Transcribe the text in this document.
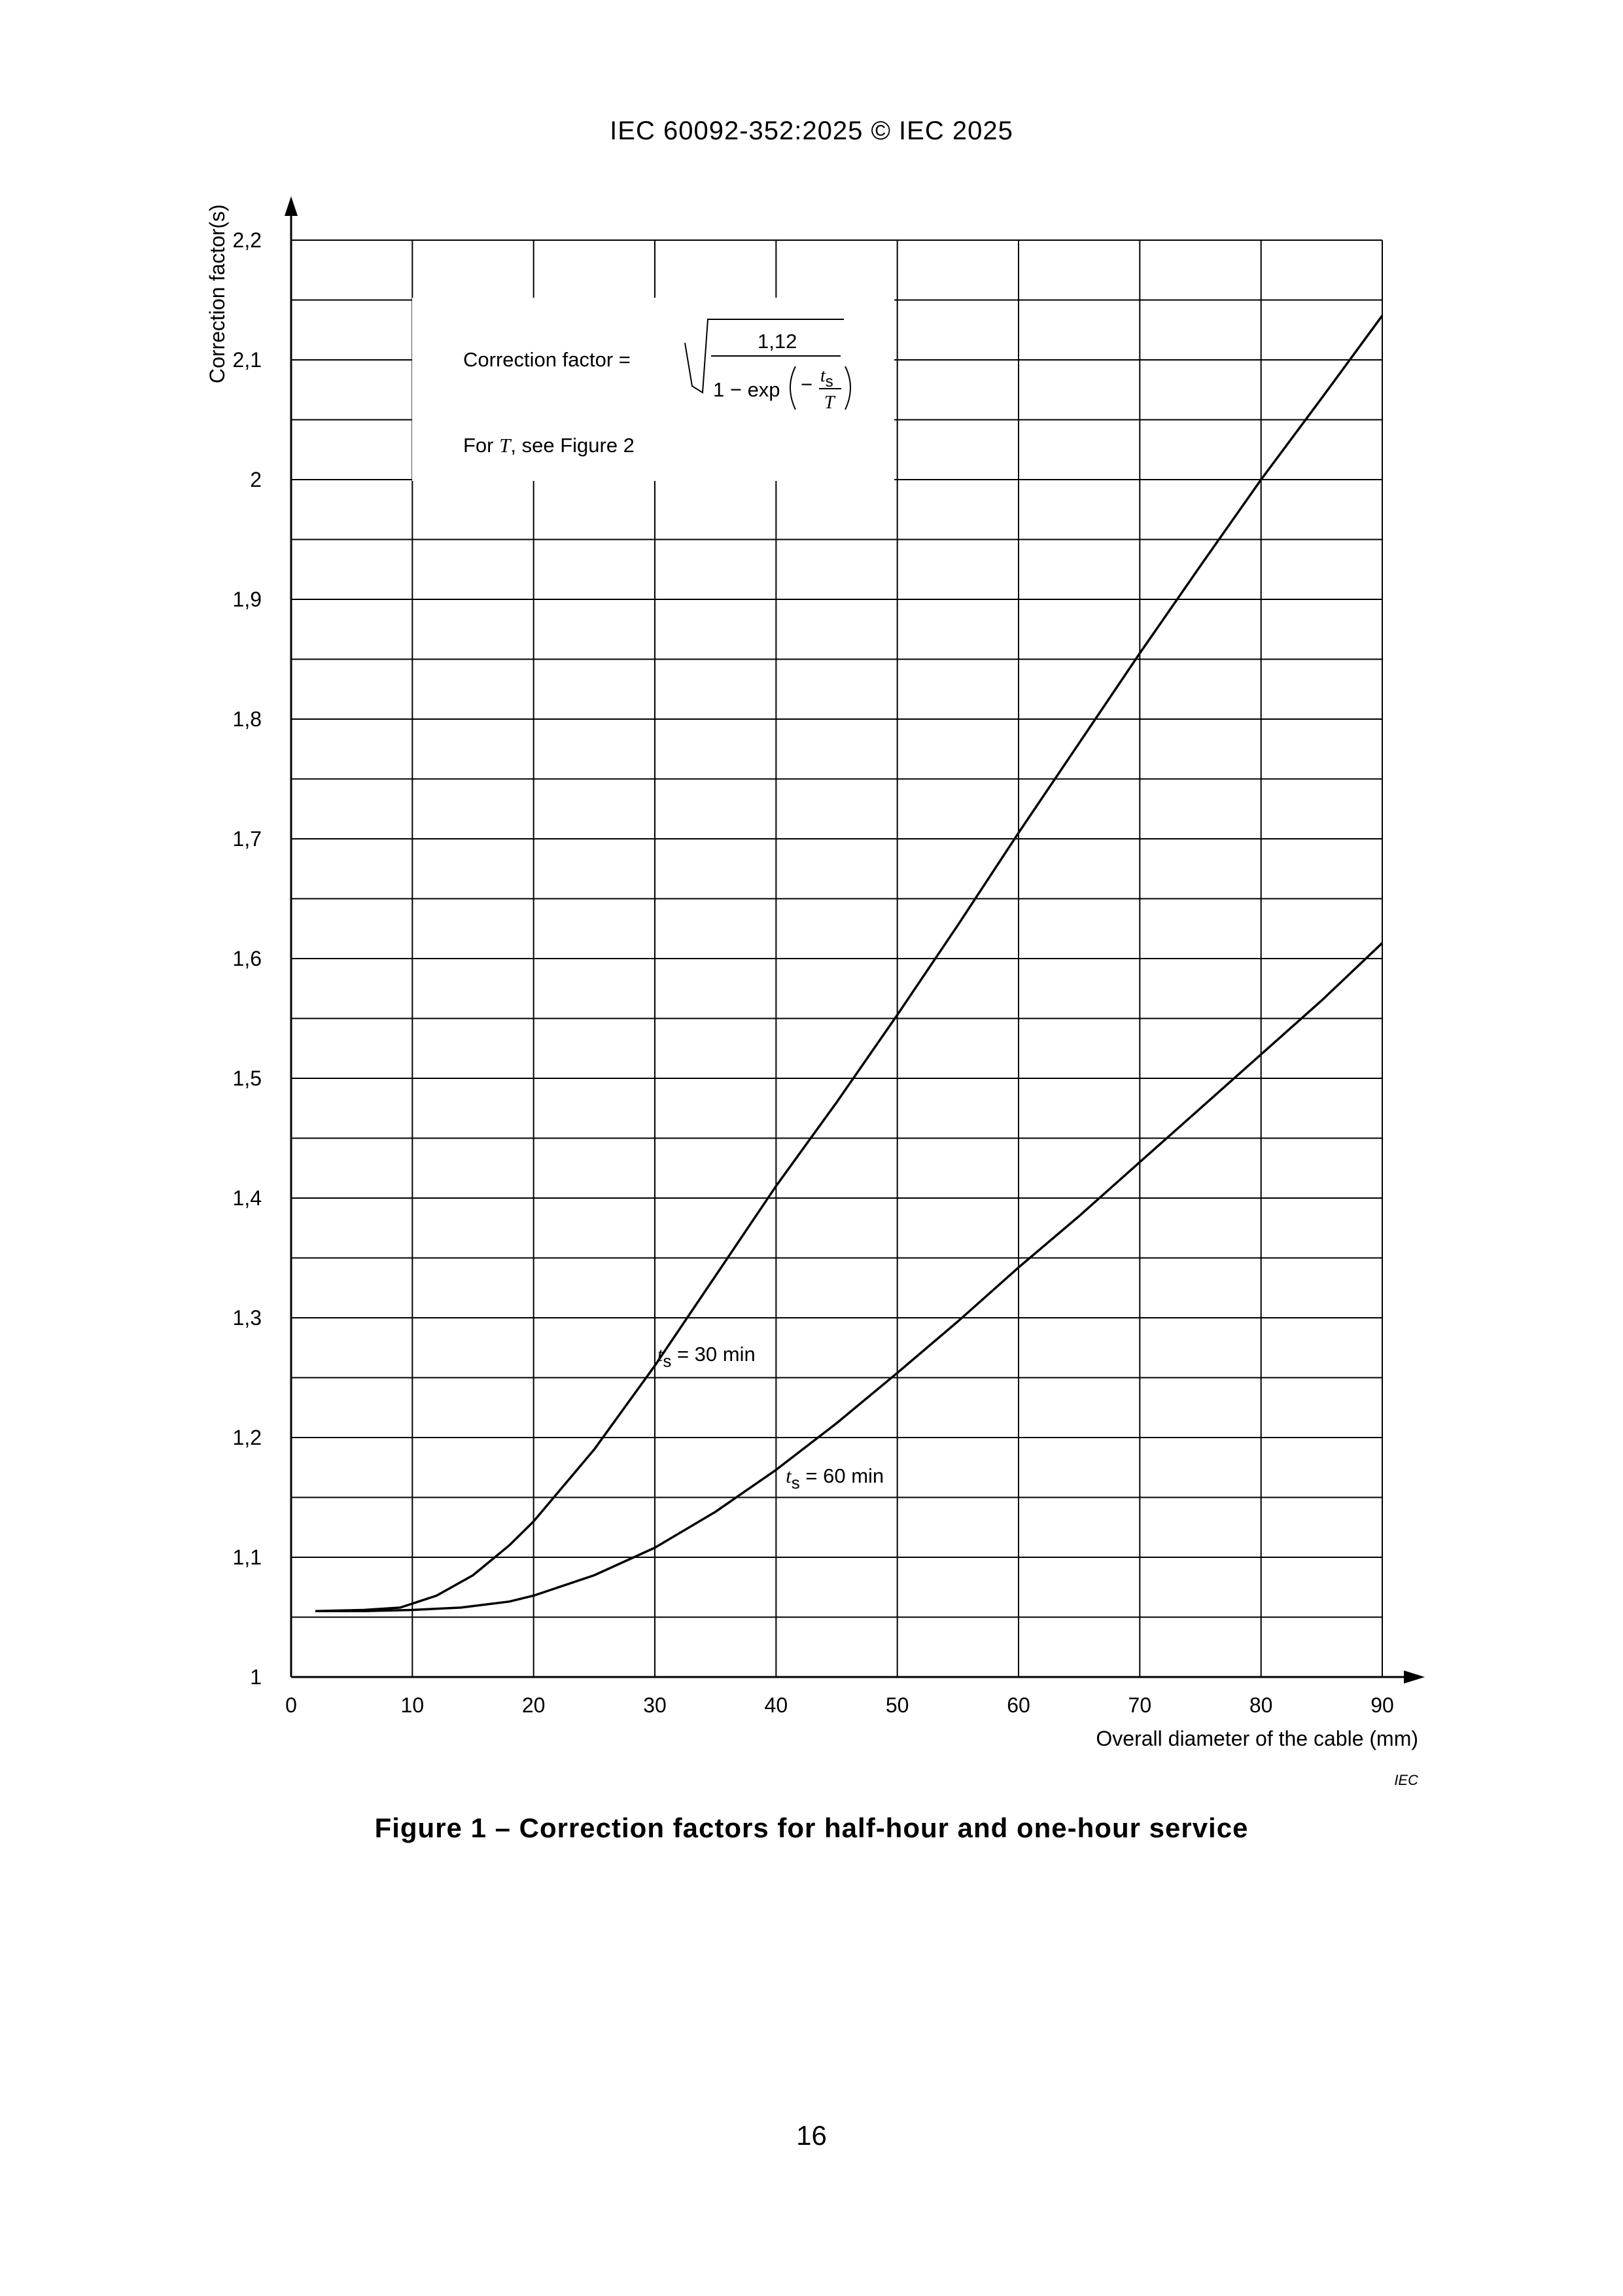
IEC 60092-352:2025 © IEC 2025
Correction factor =
1,12
1 − exp − ts
T
For T, see Figure 2
0	10	20	30	40	50	60	70	80	90
1
1,1
1,2
1,3
1,4
1,5
1,6
1,7
1,8
1,9
2
2,1
2,2
Overall diameter of the cable (mm)
Correction factor(s)
IEC
$t_s = 30$ min
$t_s = 60$ min
Figure 1 – Correction factors for half-hour and one-hour service
16
